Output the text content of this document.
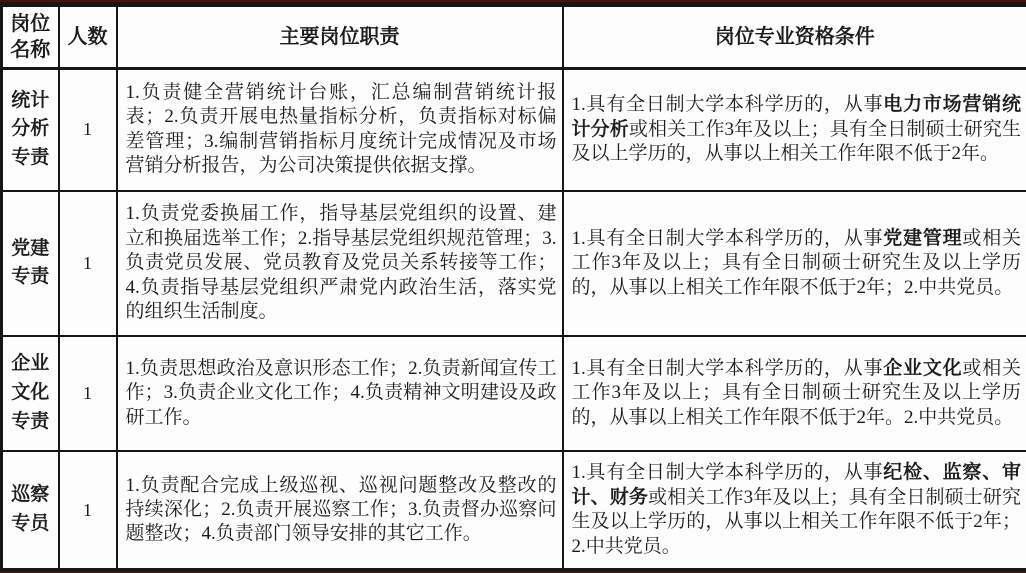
岗位名称	人数	主要岗位职责	岗位专业资格条件
统计分析专责	1	1.负责健全营销统计台账，汇总编制营销统计报表；2.负责开展电热量指标分析，负责指标对标偏差管理；3.编制营销指标月度统计完成情况及市场营销分析报告，为公司决策提供依据支撑。	1.具有全日制大学本科学历的，从事电力市场营销统计分析或相关工作3年及以上；具有全日制硕士研究生及以上学历的，从事以上相关工作年限不低于2年。
党建专责	1	1.负责党委换届工作，指导基层党组织的设置、建立和换届选举工作；2.指导基层党组织规范管理；3.负责党员发展、党员教育及党员关系转接等工作；4.负责指导基层党组织严肃党内政治生活，落实党的组织生活制度。	1.具有全日制大学本科学历的，从事党建管理或相关工作3年及以上；具有全日制硕士研究生及以上学历的，从事以上相关工作年限不低于2年；2.中共党员。
企业文化专责	1	1.负责思想政治及意识形态工作；2.负责新闻宣传工作；3.负责企业文化工作；4.负责精神文明建设及政研工作。	1.具有全日制大学本科学历的，从事企业文化或相关工作3年及以上；具有全日制硕士研究生及以上学历的，从事以上相关工作年限不低于2年。2.中共党员。
巡察专员	1	1.负责配合完成上级巡视、巡视问题整改及整改的持续深化；2.负责开展巡察工作；3.负责督办巡察问题整改；4.负责部门领导安排的其它工作。	1.具有全日制大学本科学历的，从事纪检、监察、审计、财务或相关工作3年及以上；具有全日制硕士研究生及以上学历的，从事以上相关工作年限不低于2年；2.中共党员。
